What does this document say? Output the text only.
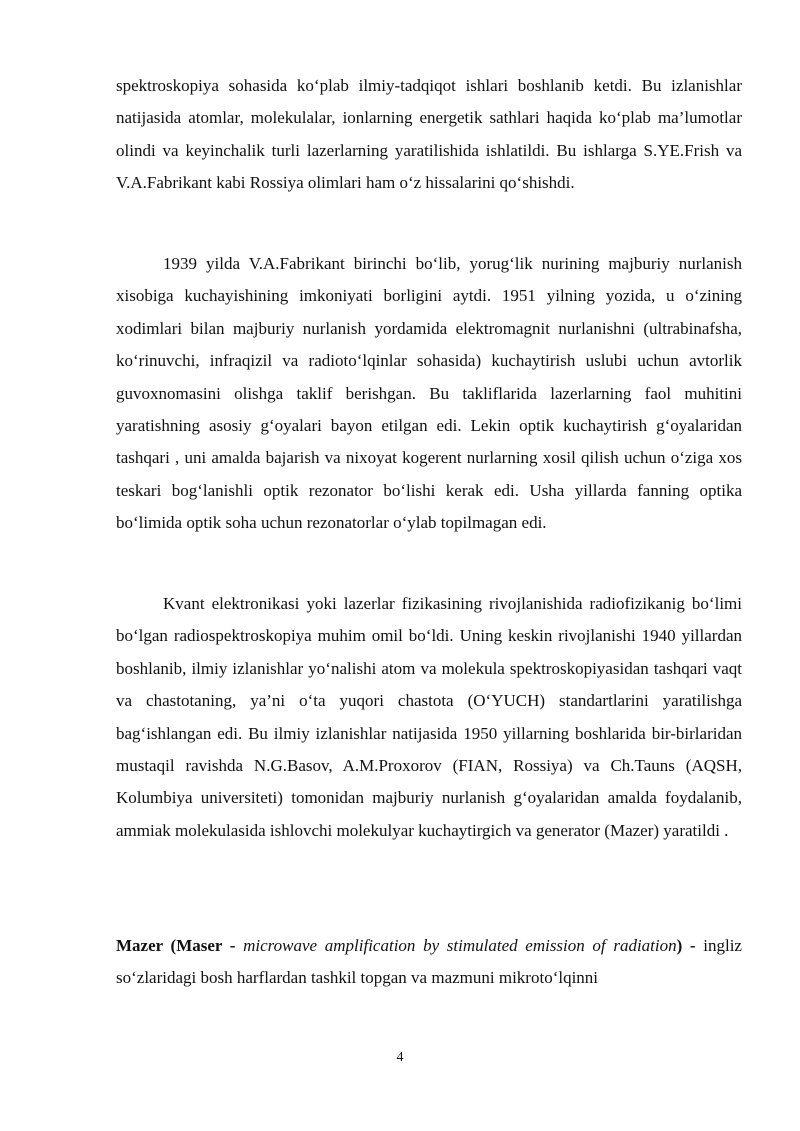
spektroskopiya sohasida ko‘plab ilmiy-tadqiqot ishlari boshlanib ketdi. Bu izlanishlar natijasida atomlar, molekulalar, ionlarning energetik sathlari haqida ko‘plab ma’lumotlar olindi va keyinchalik turli lazerlarning yaratilishida ishlatildi. Bu ishlarga S.YE.Frish va V.A.Fabrikant kabi Rossiya olimlari ham o‘z hissalarini qo‘shishdi.

1939 yilda V.A.Fabrikant birinchi bo‘lib, yorug‘lik nurining majburiy nurlanish xisobiga kuchayishining imkoniyati borligini aytdi. 1951 yilning yozida, u o‘zining xodimlari bilan majburiy nurlanish yordamida elektromagnit nurlanishni (ultrabinafsha, ko‘rinuvchi, infraqizil va radioto‘lqinlar sohasida) kuchaytirish uslubi uchun avtorlik guvoxnomasini olishga taklif berishgan. Bu takliflarida lazerlarning faol muhitini yaratishning asosiy g‘oyalari bayon etilgan edi. Lekin optik kuchaytirish g‘oyalaridan tashqari , uni amalda bajarish va nixoyat kogerent nurlarning xosil qilish uchun o‘ziga xos teskari bog‘lanishli optik rezonator bo‘lishi kerak edi. Usha yillarda fanning optika bo‘limida optik soha uchun rezonatorlar o‘ylab topilmagan edi.

Kvant elektronikasi yoki lazerlar fizikasining rivojlanishida radiofizikanig bo‘limi bo‘lgan radiospektroskopiya muhim omil bo‘ldi. Uning keskin rivojlanishi 1940 yillardan boshlanib, ilmiy izlanishlar yo‘nalishi atom va molekula spektroskopiyasidan tashqari vaqt va chastotaning, ya’ni o‘ta yuqori chastota (O‘YUCH) standartlarini yaratilishga bag‘ishlangan edi. Bu ilmiy izlanishlar natijasida 1950 yillarning boshlarida bir-birlaridan mustaqil ravishda N.G.Basov, A.M.Proxorov (FIAN, Rossiya) va Ch.Tauns (AQSH, Kolumbiya universiteti) tomonidan majburiy nurlanish g‘oyalaridan amalda foydalanib, ammiak molekulasida ishlovchi molekulyar kuchaytirgich va generator (Mazer) yaratildi .

Mazer (Maser - microwave amplification by stimulated emission of radiation) - ingliz so‘zlaridagi bosh harflardan tashkil topgan va mazmuni mikroto‘lqinni

4
